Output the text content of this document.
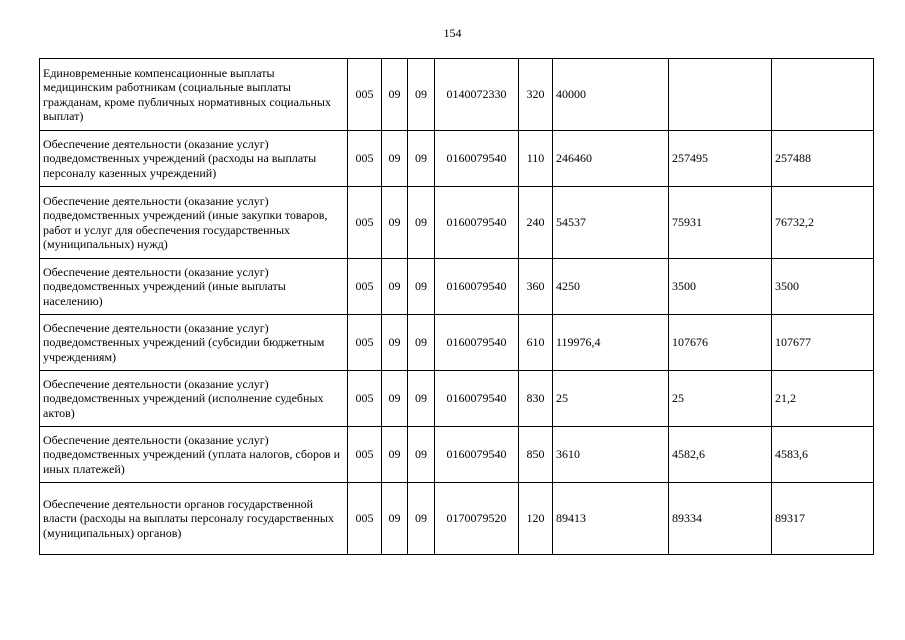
154
Единовременные компенсационные выплаты медицинским работникам (социальные выплаты гражданам, кроме публичных нормативных социальных выплат)	005	09	09	0140072330	320	40000		
Обеспечение деятельности (оказание услуг) подведомственных учреждений (расходы на выплаты персоналу казенных учреждений)	005	09	09	0160079540	110	246460	257495	257488
Обеспечение деятельности (оказание услуг) подведомственных учреждений (иные закупки товаров, работ и услуг для обеспечения государственных (муниципальных) нужд)	005	09	09	0160079540	240	54537	75931	76732,2
Обеспечение деятельности (оказание услуг) подведомственных учреждений (иные выплаты населению)	005	09	09	0160079540	360	4250	3500	3500
Обеспечение деятельности (оказание услуг) подведомственных учреждений (субсидии бюджетным учреждениям)	005	09	09	0160079540	610	119976,4	107676	107677
Обеспечение деятельности (оказание услуг) подведомственных учреждений (исполнение судебных актов)	005	09	09	0160079540	830	25	25	21,2
Обеспечение деятельности (оказание услуг) подведомственных учреждений (уплата налогов, сборов и иных платежей)	005	09	09	0160079540	850	3610	4582,6	4583,6
Обеспечение деятельности органов государственной власти (расходы на выплаты персоналу государственных (муниципальных) органов)	005	09	09	0170079520	120	89413	89334	89317
